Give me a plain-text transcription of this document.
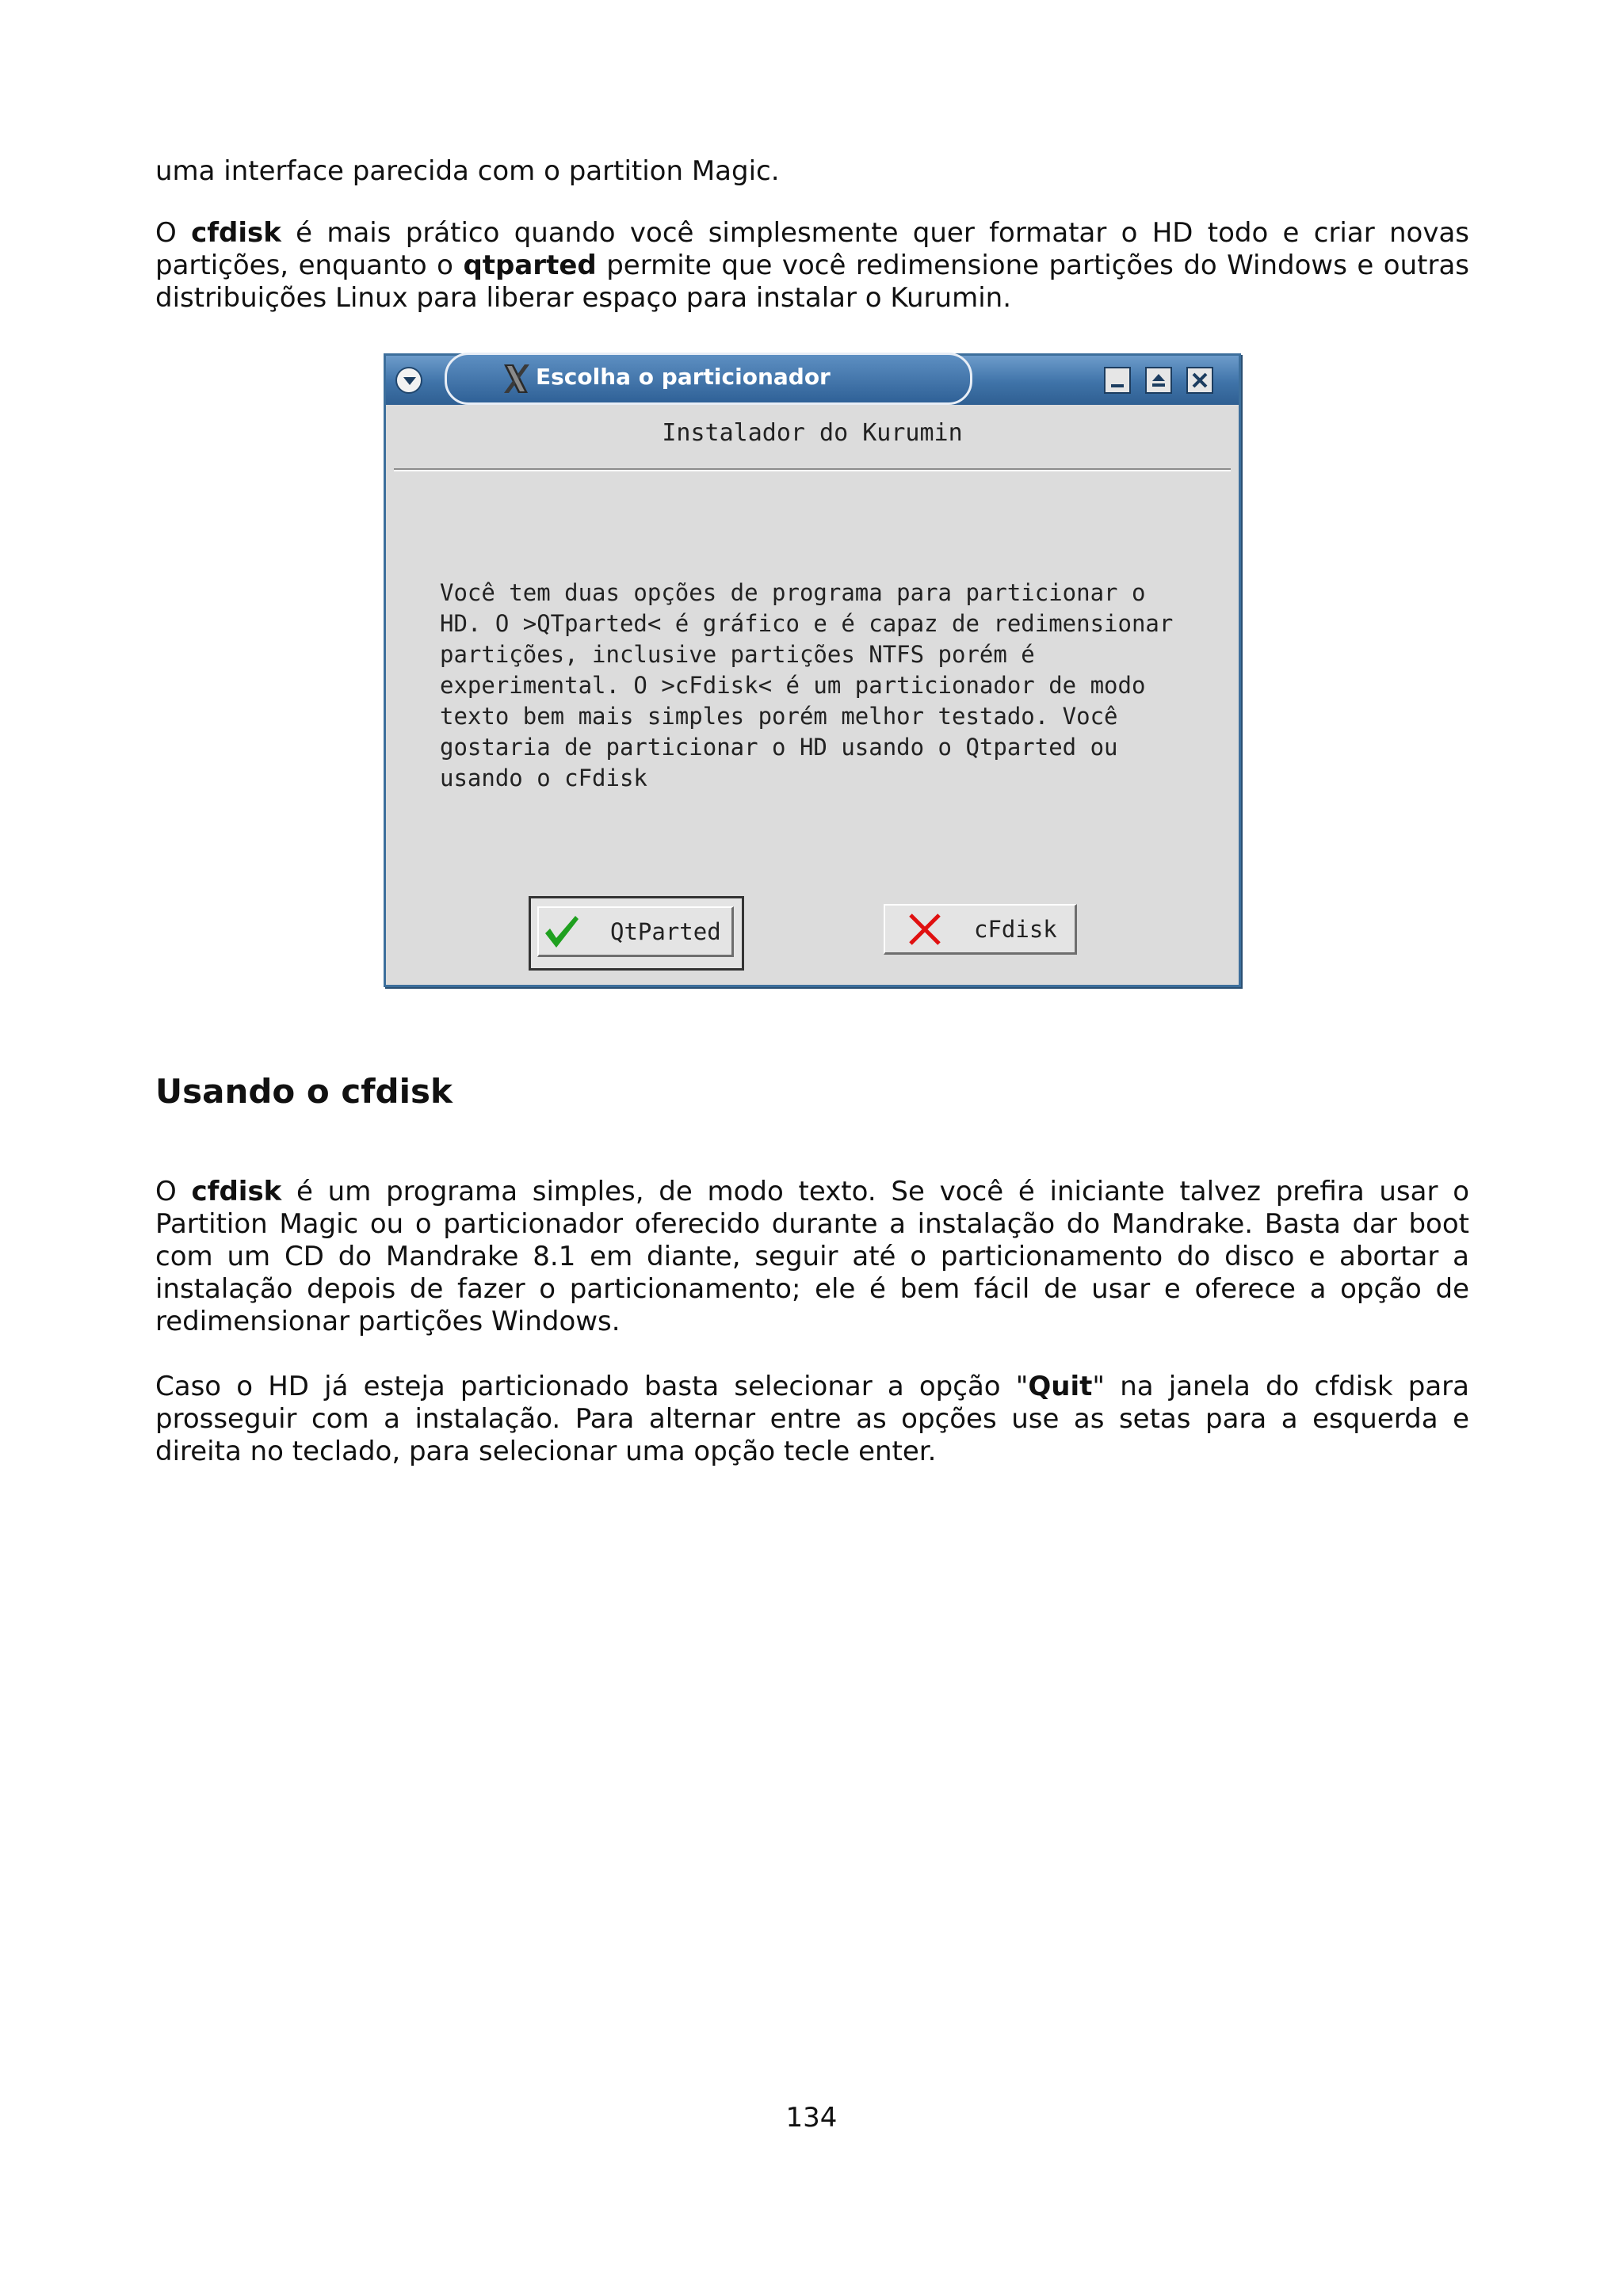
uma interface parecida com o partition Magic.

O cfdisk é mais prático quando você simplesmente quer formatar o HD todo e criar novas partições, enquanto o qtparted permite que você redimensione partições do Windows e outras distribuições Linux para liberar espaço para instalar o Kurumin.

Escolha o particionador
Instalador do Kurumin

Você tem duas opções de programa para particionar o
HD. O >QTparted< é gráfico e é capaz de redimensionar
partições, inclusive partições NTFS porém é
experimental. O >cFdisk< é um particionador de modo
texto bem mais simples porém melhor testado. Você
gostaria de particionar o HD usando o Qtparted ou
usando o cFdisk

QtParted	cFdisk
Usando o cfdisk

O cfdisk é um programa simples, de modo texto. Se você é iniciante talvez prefira usar o Partition Magic ou o particionador oferecido durante a instalação do Mandrake. Basta dar boot com um CD do Mandrake 8.1 em diante, seguir até o particionamento do disco e abortar a instalação depois de fazer o particionamento; ele é bem fácil de usar e oferece a opção de redimensionar partições Windows.

Caso o HD já esteja particionado basta selecionar a opção "Quit" na janela do cfdisk para prosseguir com a instalação. Para alternar entre as opções use as setas para a esquerda e direita no teclado, para selecionar uma opção tecle enter.

134
